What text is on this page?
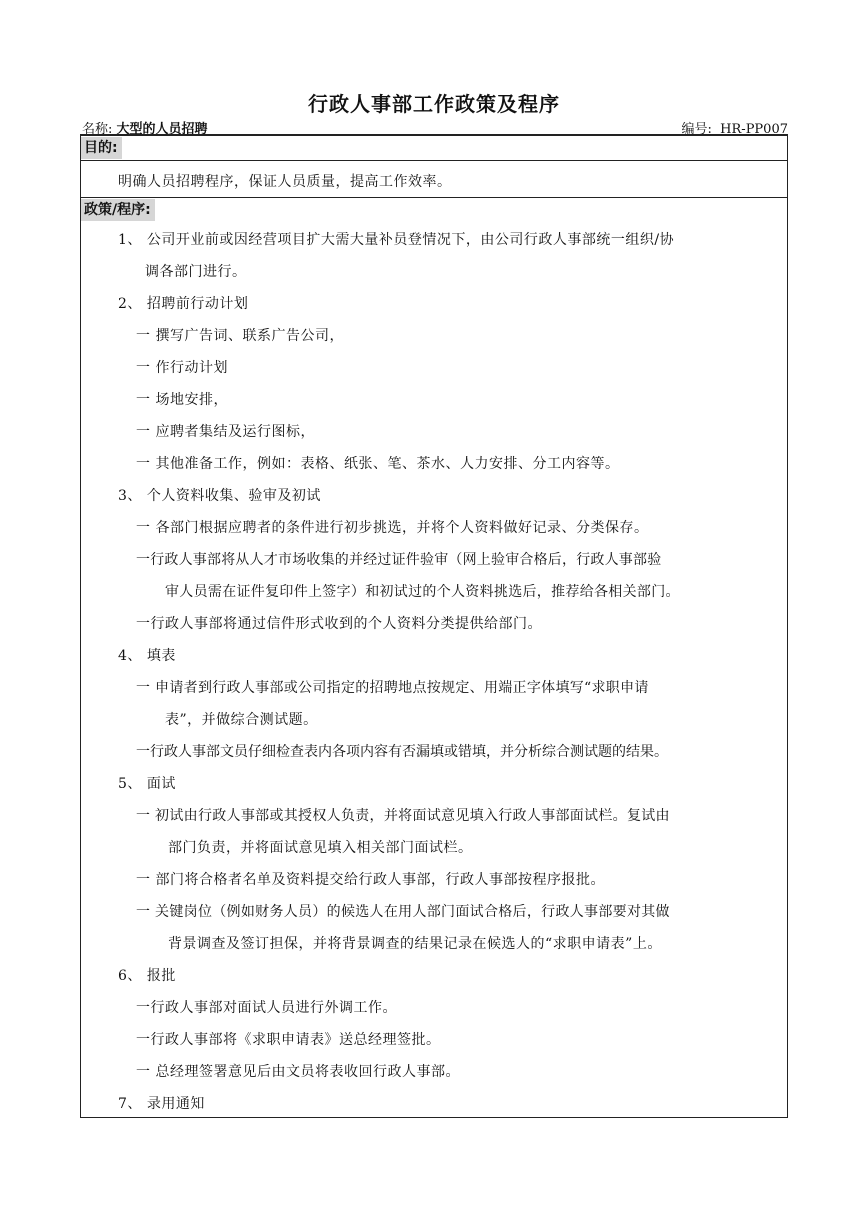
行政人事部工作政策及程序
名称: 大型的人员招聘	编号: HR-PP007
目的:
明确人员招聘程序，保证人员质量，提高工作效率。
政策/程序:
1、 公司开业前或因经营项目扩大需大量补员登情况下，由公司行政人事部统一组织/协
调各部门进行。
2、 招聘前行动计划
一 撰写广告词、联系广告公司，
一 作行动计划
一 场地安排，
一 应聘者集结及运行图标，
一 其他准备工作，例如：表格、纸张、笔、茶水、人力安排、分工内容等。
3、 个人资料收集、验审及初试
一 各部门根据应聘者的条件进行初步挑选，并将个人资料做好记录、分类保存。
一行政人事部将从人才市场收集的并经过证件验审（网上验审合格后，行政人事部验
审人员需在证件复印件上签字）和初试过的个人资料挑选后，推荐给各相关部门。
一行政人事部将通过信件形式收到的个人资料分类提供给部门。
4、 填表
一 申请者到行政人事部或公司指定的招聘地点按规定、用端正字体填写“求职申请
表”，并做综合测试题。
一行政人事部文员仔细检查表内各项内容有否漏填或错填，并分析综合测试题的结果。
5、 面试
一 初试由行政人事部或其授权人负责，并将面试意见填入行政人事部面试栏。复试由
部门负责，并将面试意见填入相关部门面试栏。
一 部门将合格者名单及资料提交给行政人事部，行政人事部按程序报批。
一 关键岗位（例如财务人员）的候选人在用人部门面试合格后，行政人事部要对其做
背景调查及签订担保，并将背景调查的结果记录在候选人的“求职申请表”上。
6、 报批
一行政人事部对面试人员进行外调工作。
一行政人事部将《求职申请表》送总经理签批。
一 总经理签署意见后由文员将表收回行政人事部。
7、 录用通知
